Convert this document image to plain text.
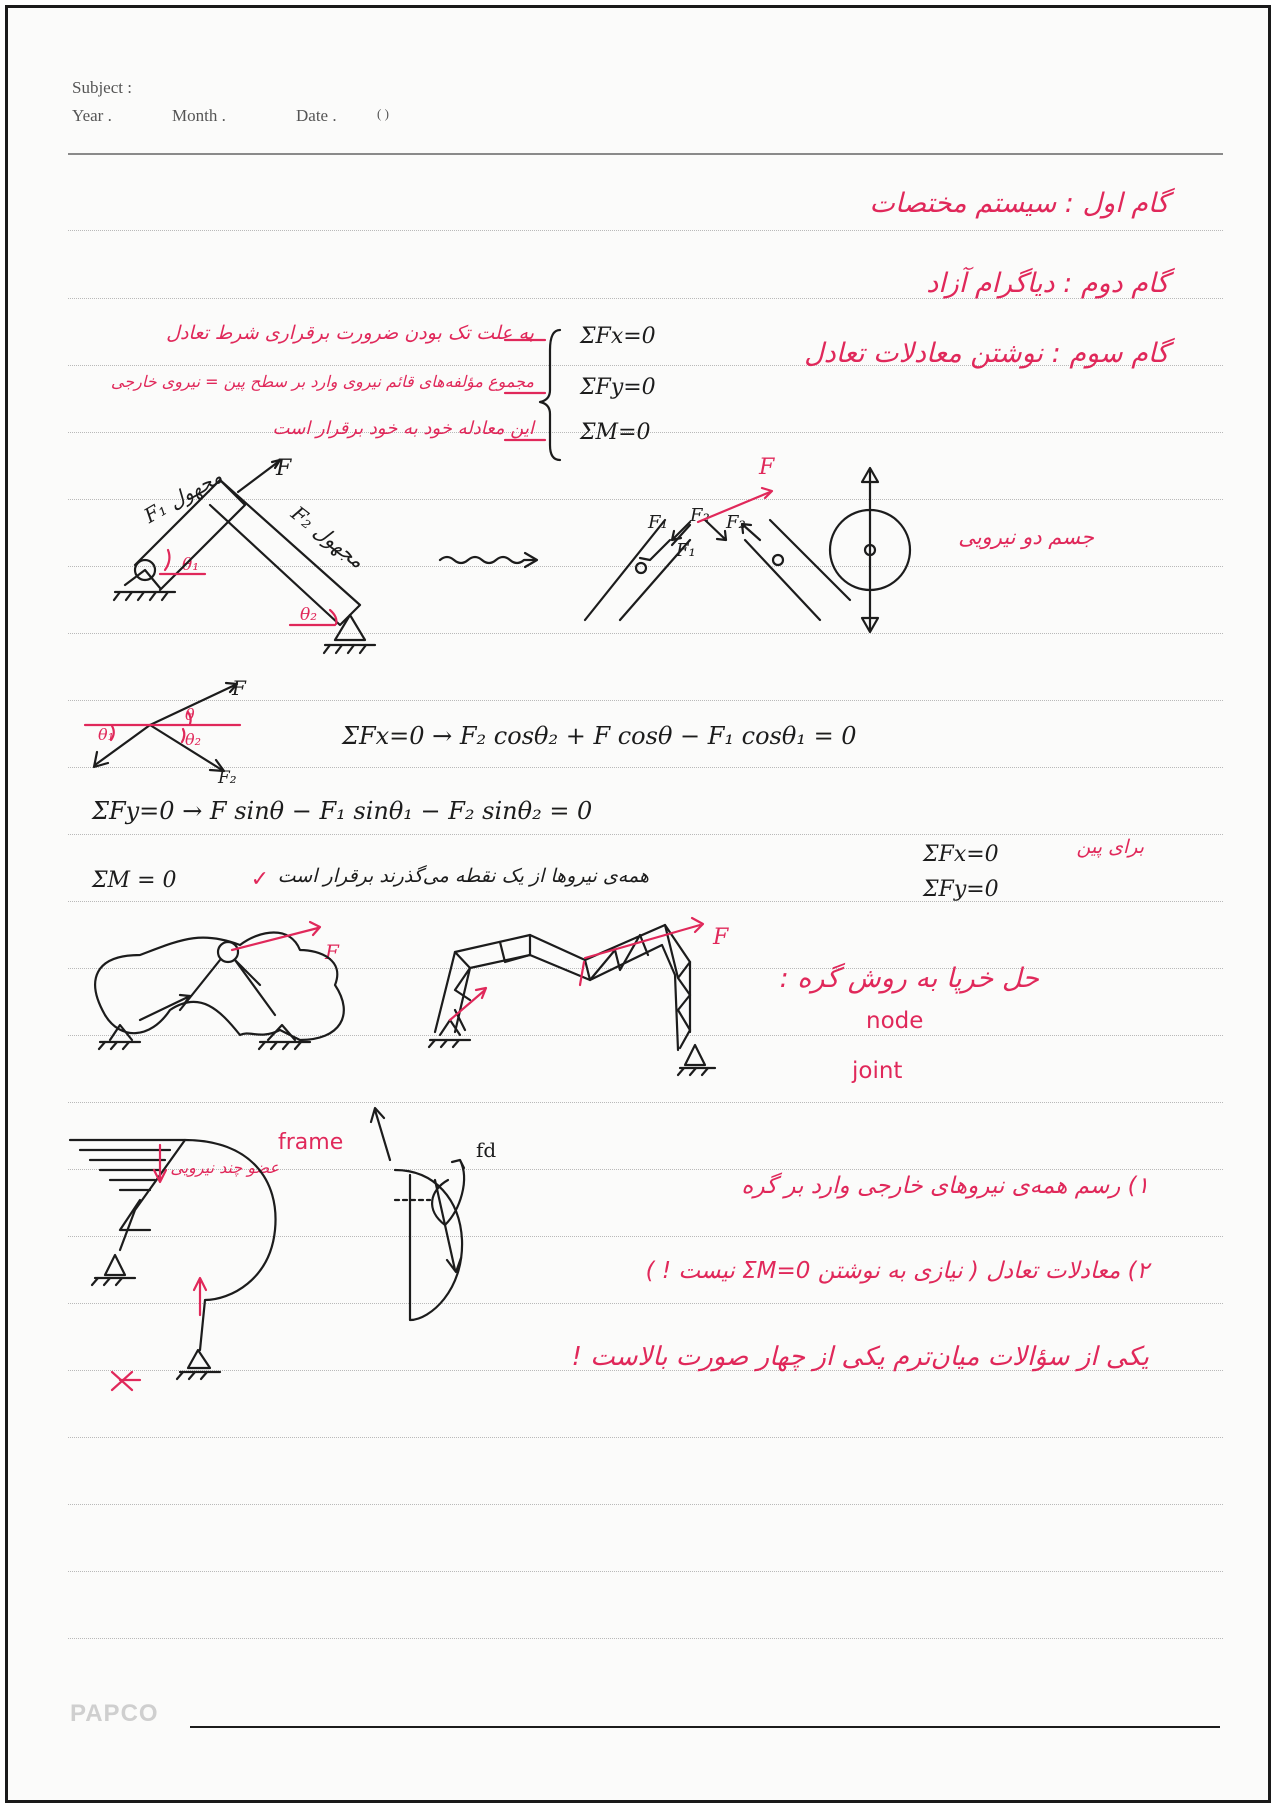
Subject :
Year .	Month .	Date .	( )
گام اول : سیستم مختصات
گام دوم : دیاگرام آزاد
گام سوم : نوشتن معادلات تعادل
ΣFx=0
ΣFy=0
ΣM=0
به علت تک بودن ضرورت برقراری شرط تعادل
مجموع مؤلفه‌های قائم نیروی وارد بر سطح پین = نیروی خارجی
این معادله خود به خود برقرار است
جسم دو نیرویی
F₁ مجهول
F₂ مجهول
θ₁
θ₂
F	F
F₁ F₂ F₂
F₁
F
θ
θ₁	θ₂
F₂
ΣFx=0 → F₂ cosθ₂ + F cosθ − F₁ cosθ₁ = 0
ΣFy=0 → F sinθ − F₁ sinθ₁ − F₂ sinθ₂ = 0
ΣM = 0	✓ همه‌ی نیروها از یک نقطه می‌گذرند برقرار است
ΣFx=0
ΣFy=0
برای پین
F
F
حل خرپا به روش گره :
node
joint
frame
عضو چند نیرویی
fd
۱) رسم همه‌ی نیروهای خارجی وارد بر گره
۲) معادلات تعادل ( نیازی به نوشتن ΣM=0 نیست ! )
یکی از سؤالات میان‌ترم یکی از چهار صورت بالاست !
PAPCO
